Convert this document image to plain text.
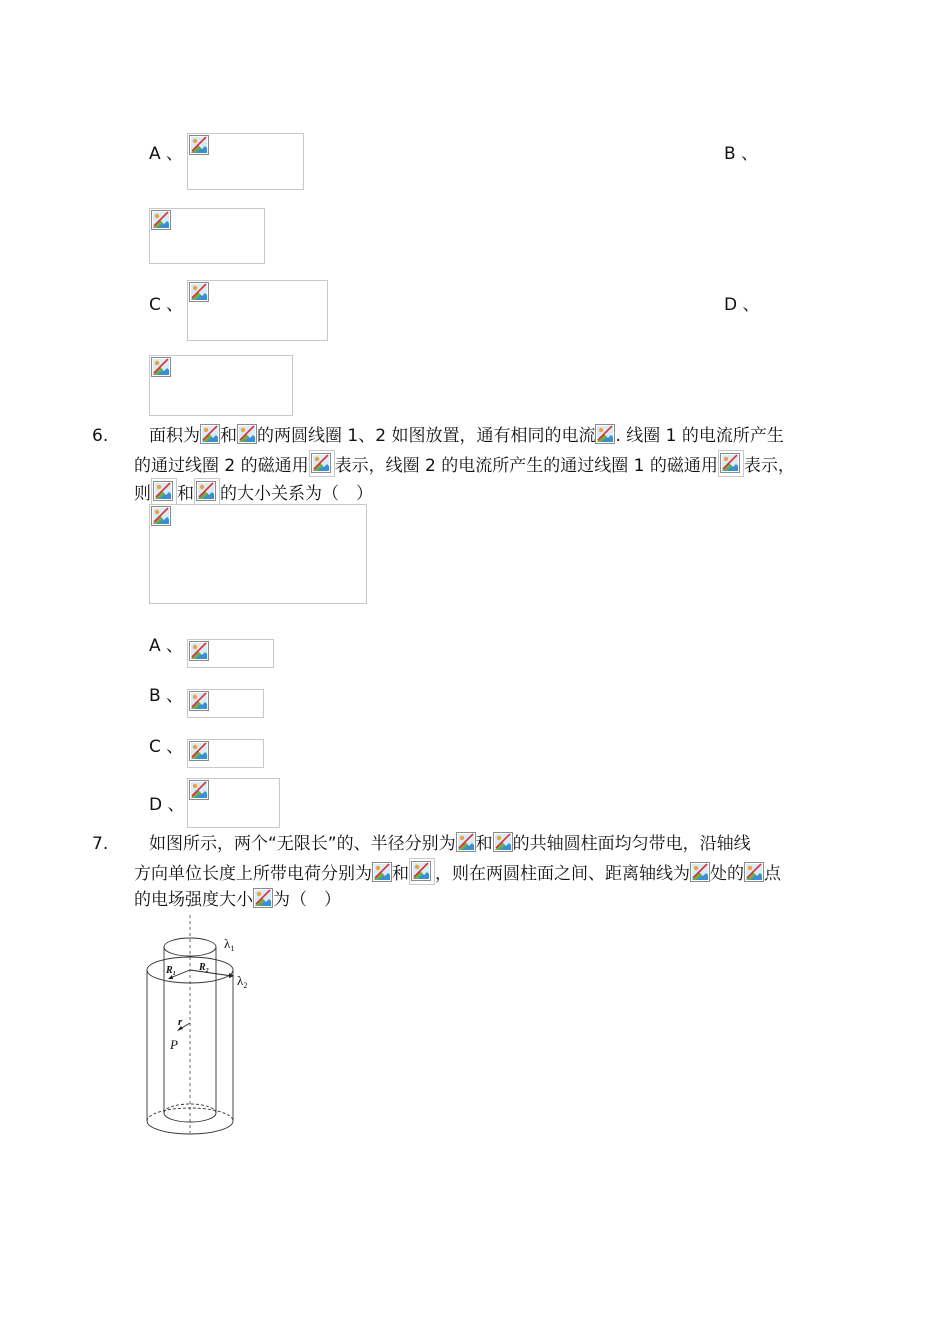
A 、	B 、
C 、	D 、
6. 面积为 和 的两圆线圈 1、2 如图放置，通有相同的电流 . 线圈 1 的电流所产生
的通过线圈 2 的磁通用 表示，线圈 2 的电流所产生的通过线圈 1 的磁通用 表示，
则 和 的大小关系为（　）
A 、
B 、
C 、
D 、
7. 如图所示，两个“无限长”的、半径分别为 和 的共轴圆柱面均匀带电，沿轴线
方向单位长度上所带电荷分别为 和 ，则在两圆柱面之间、距离轴线为 处的 点
的电场强度大小 为（　）
$\lambda_1$
$\lambda_2$
$R_1$
$R_2$
r
P
